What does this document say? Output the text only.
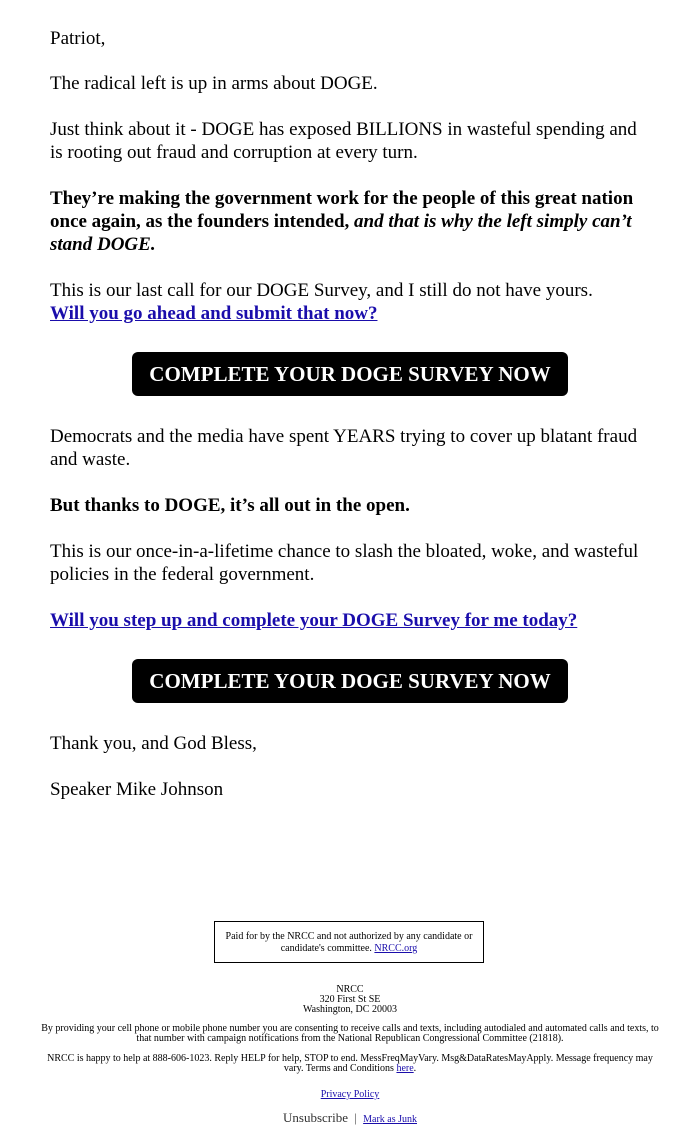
Patriot,

The radical left is up in arms about DOGE.

Just think about it - DOGE has exposed BILLIONS in wasteful spending and is rooting out fraud and corruption at every turn.

They’re making the government work for the people of this great nation once again, as the founders intended, and that is why the left simply can’t stand DOGE.

This is our last call for our DOGE Survey, and I still do not have yours.
Will you go ahead and submit that now?

Democrats and the media have spent YEARS trying to cover up blatant fraud and waste.

But thanks to DOGE, it’s all out in the open.

This is our once-in-a-lifetime chance to slash the bloated, woke, and wasteful policies in the federal government.

Will you step up and complete your DOGE Survey for me today?

Thank you, and God Bless,

Speaker Mike Johnson

COMPLETE YOUR DOGE SURVEY NOW
COMPLETE YOUR DOGE SURVEY NOW
Paid for by the NRCC and not authorized by any candidate or candidate's committee. NRCC.org
NRCC
320 First St SE
Washington, DC 20003
By providing your cell phone or mobile phone number you are consenting to receive calls and texts, including autodialed and automated calls and texts, to that number with campaign notifications from the National Republican Congressional Committee (21818).
NRCC is happy to help at 888-606-1023. Reply HELP for help, STOP to end. MessFreqMayVary. Msg&DataRatesMayApply. Message frequency may vary. Terms and Conditions here.
Privacy Policy
Unsubscribe | Mark as Junk
